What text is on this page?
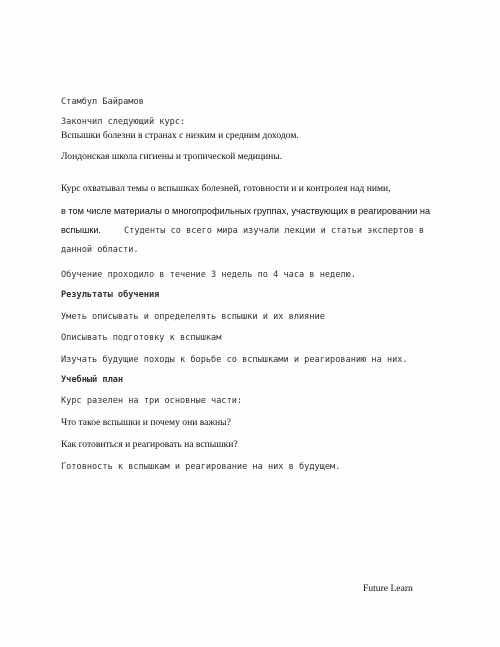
Стамбул Байрамов
Закончил следующий курс:
Вспышки болезни в странах с низким и средним доходом.
Лондонская школа гигиены и тропической медицины.
Курс охватывал темы о вспышках болезней, готовности и и контролея над ними,
в том числе материалы о многопрофильных группах, участвующих в реагировании на
вспышки.	Студенты со всего мира изучали лекции и статьи экспертов в
данной области.
Обучение проходило в течение 3 недель по 4 часа в неделю.
Результаты обучения
Уметь описывать и определелять вспышки и их влияние
Описывать подготовку к вспышкам
Изучать будущие походы к борьбе со вспышками и реагированию на них.
Учебный план
Курс разелен на три основные части:
Что такое вспышки и почему они важны?
Как готовиться и реагировать на вспышки?
Готовность к вспышкам и реагирование на них в будущем.
Future Learn
